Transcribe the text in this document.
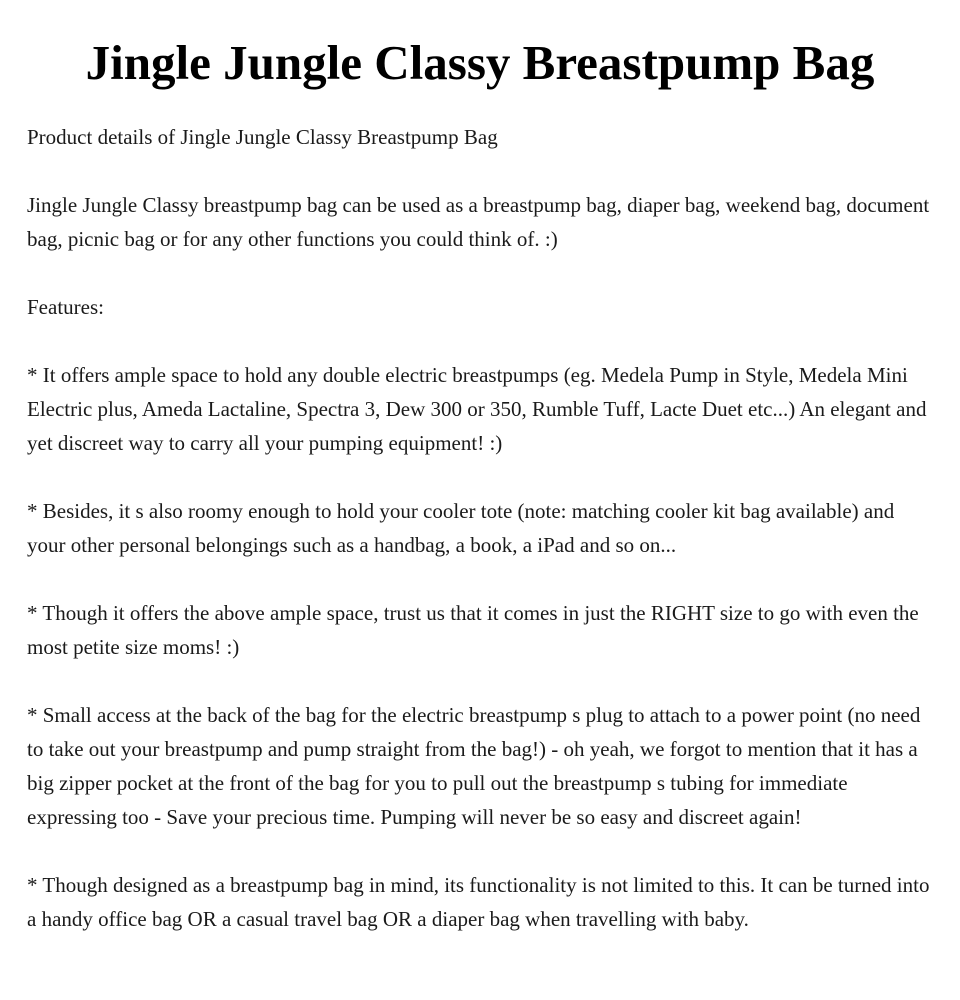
Jingle Jungle Classy Breastpump Bag

Product details of Jingle Jungle Classy Breastpump Bag

Jingle Jungle Classy breastpump bag can be used as a breastpump bag, diaper bag, weekend bag, document bag, picnic bag or for any other functions you could think of. :)

Features:

* It offers ample space to hold any double electric breastpumps (eg. Medela Pump in Style, Medela Mini Electric plus, Ameda Lactaline, Spectra 3, Dew 300 or 350, Rumble Tuff, Lacte Duet etc...) An elegant and yet discreet way to carry all your pumping equipment! :)

* Besides, it s also roomy enough to hold your cooler tote (note: matching cooler kit bag available) and your other personal belongings such as a handbag, a book, a iPad and so on...

* Though it offers the above ample space, trust us that it comes in just the RIGHT size to go with even the most petite size moms! :)

* Small access at the back of the bag for the electric breastpump s plug to attach to a power point (no need to take out your breastpump and pump straight from the bag!) - oh yeah, we forgot to mention that it has a big zipper pocket at the front of the bag for you to pull out the breastpump s tubing for immediate expressing too - Save your precious time. Pumping will never be so easy and discreet again!

* Though designed as a breastpump bag in mind, its functionality is not limited to this. It can be turned into a handy office bag OR a casual travel bag OR a diaper bag when travelling with baby.
